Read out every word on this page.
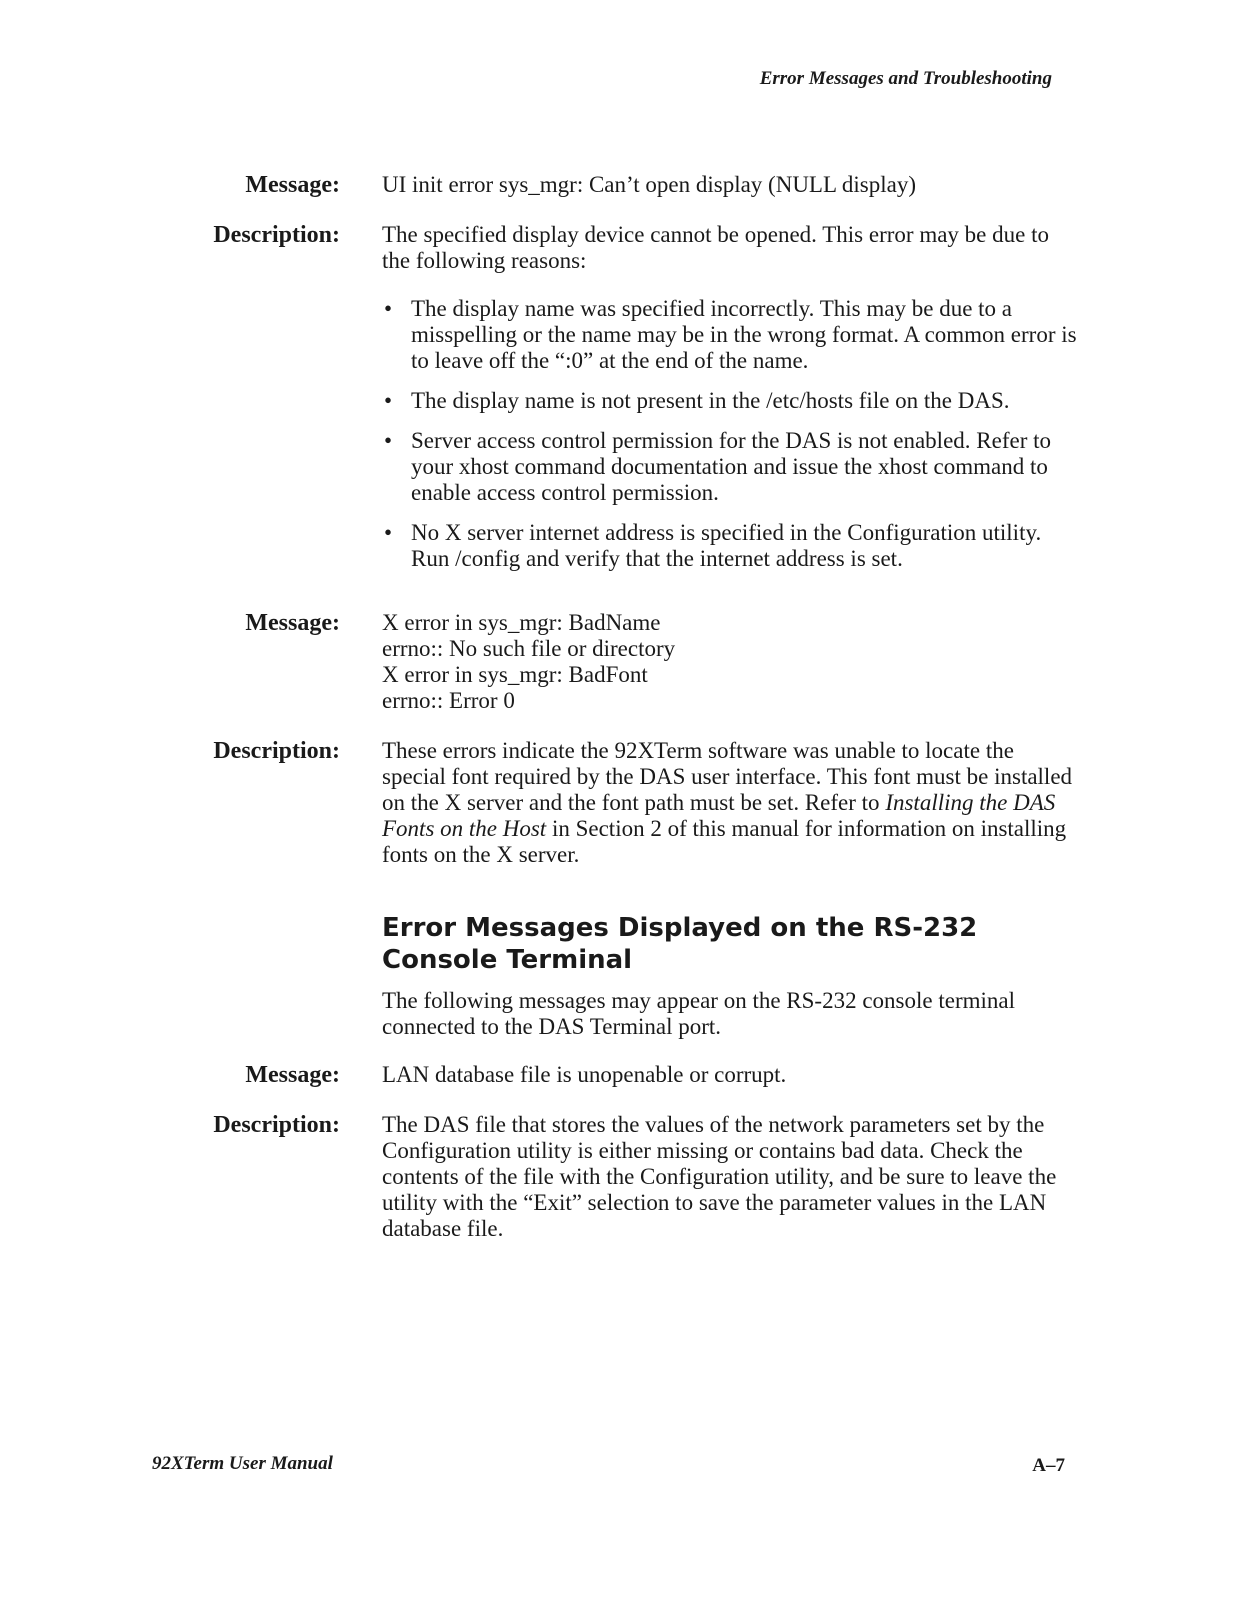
Error Messages and Troubleshooting
Message: UI init error sys_mgr: Can’t open display (NULL display)

Description: The specified display device cannot be opened. This error may be due to the following reasons:

• The display name was specified incorrectly. This may be due to a misspelling or the name may be in the wrong format. A common error is to leave off the “:0” at the end of the name.
• The display name is not present in the /etc/hosts file on the DAS.
• Server access control permission for the DAS is not enabled. Refer to your xhost command documentation and issue the xhost command to enable access control permission.
• No X server internet address is specified in the Configuration utility. Run /config and verify that the internet address is set.
Message: X error in sys_mgr: BadName
errno:: No such file or directory
X error in sys_mgr: BadFont
errno:: Error 0
Description: These errors indicate the 92XTerm software was unable to locate the special font required by the DAS user interface. This font must be installed on the X server and the font path must be set. Refer to Installing the DAS Fonts on the Host in Section 2 of this manual for information on installing fonts on the X server.

Error Messages Displayed on the RS-232 Console Terminal

The following messages may appear on the RS-232 console terminal connected to the DAS Terminal port.

Message: LAN database file is unopenable or corrupt.

Description: The DAS file that stores the values of the network parameters set by the Configuration utility is either missing or contains bad data. Check the contents of the file with the Configuration utility, and be sure to leave the utility with the “Exit” selection to save the parameter values in the LAN database file.

92XTerm User Manual	A–7
